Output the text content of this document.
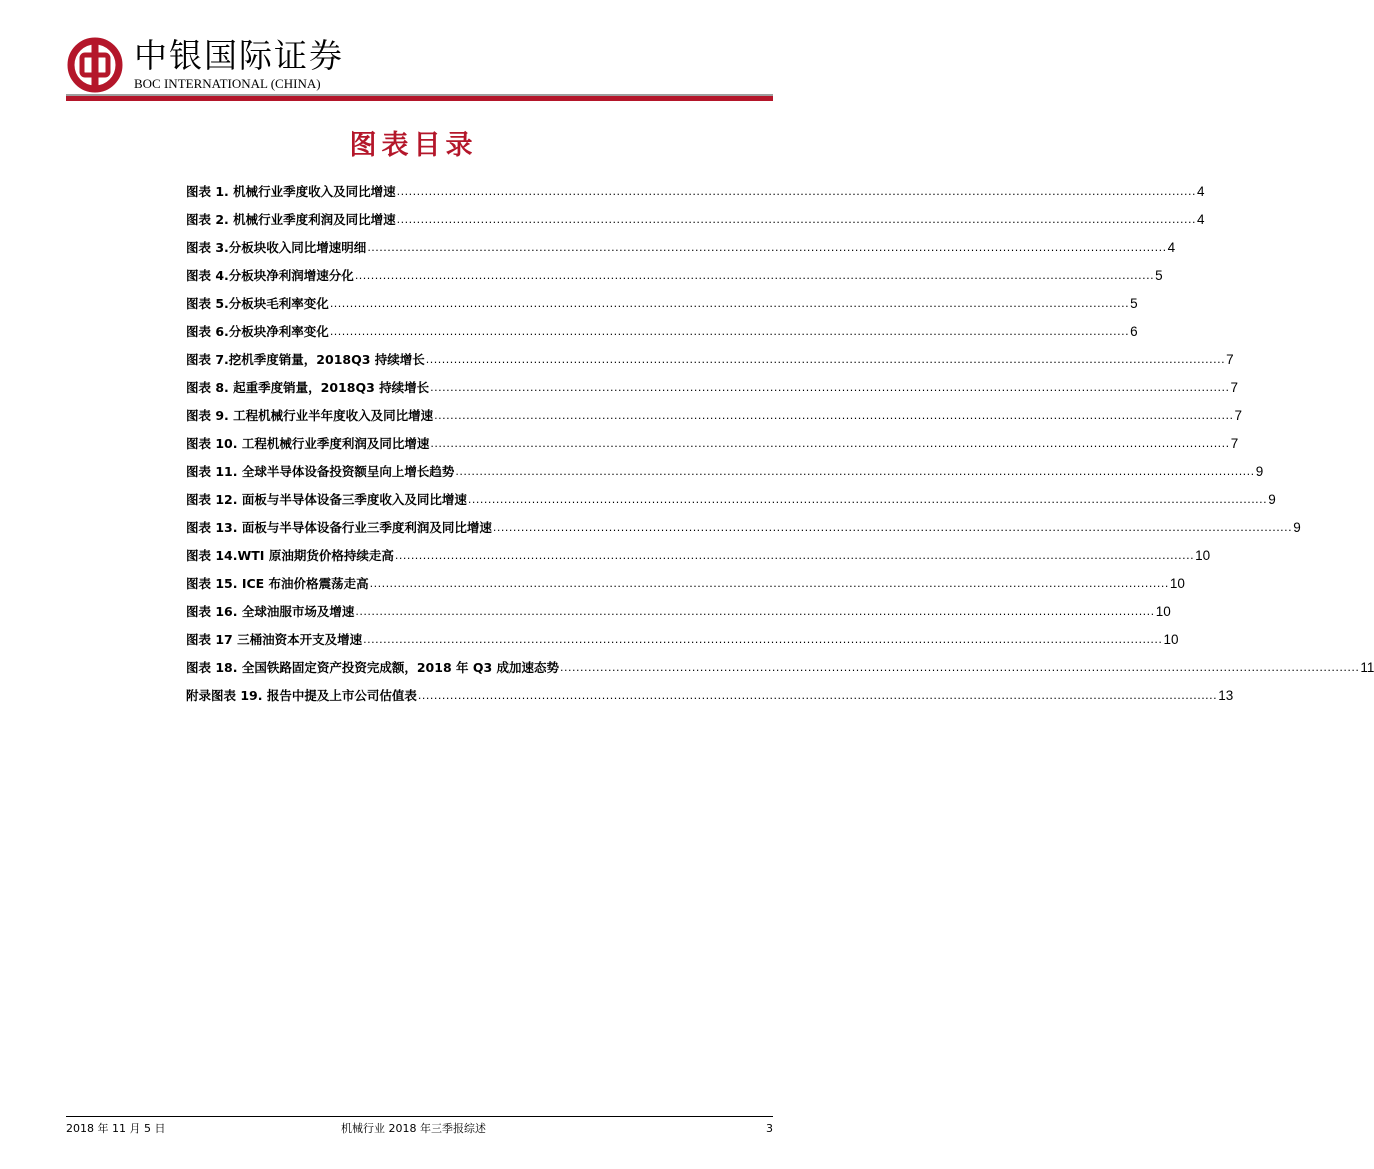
中银国际证券
BOC INTERNATIONAL (CHINA)
图表目录
图表 1. 机械行业季度收入及同比增速 ........................................................................................................................................................................................................ 4
图表 2. 机械行业季度利润及同比增速 ........................................................................................................................................................................................................ 4
图表 3.分板块收入同比增速明细 ........................................................................................................................................................................................................ 4
图表 4.分板块净利润增速分化 ........................................................................................................................................................................................................ 5
图表 5.分板块毛利率变化 ........................................................................................................................................................................................................ 5
图表 6.分板块净利率变化 ........................................................................................................................................................................................................ 6
图表 7.挖机季度销量，2018Q3 持续增长 ........................................................................................................................................................................................................ 7
图表 8. 起重季度销量，2018Q3 持续增长 ........................................................................................................................................................................................................ 7
图表 9. 工程机械行业半年度收入及同比增速 ........................................................................................................................................................................................................ 7
图表 10. 工程机械行业季度利润及同比增速 ........................................................................................................................................................................................................ 7
图表 11. 全球半导体设备投资额呈向上增长趋势 ........................................................................................................................................................................................................ 9
图表 12. 面板与半导体设备三季度收入及同比增速 ........................................................................................................................................................................................................ 9
图表 13. 面板与半导体设备行业三季度利润及同比增速 ........................................................................................................................................................................................................ 9
图表 14.WTI 原油期货价格持续走高 ........................................................................................................................................................................................................ 10
图表 15. ICE 布油价格震荡走高 ........................................................................................................................................................................................................ 10
图表 16. 全球油服市场及增速 ........................................................................................................................................................................................................ 10
图表 17 三桶油资本开支及增速 ........................................................................................................................................................................................................ 10
图表 18. 全国铁路固定资产投资完成额，2018 年 Q3 成加速态势 ........................................................................................................................................................................................................ 11
附录图表 19. 报告中提及上市公司估值表 ........................................................................................................................................................................................................ 13
2018 年 11 月 5 日	机械行业 2018 年三季报综述	3
